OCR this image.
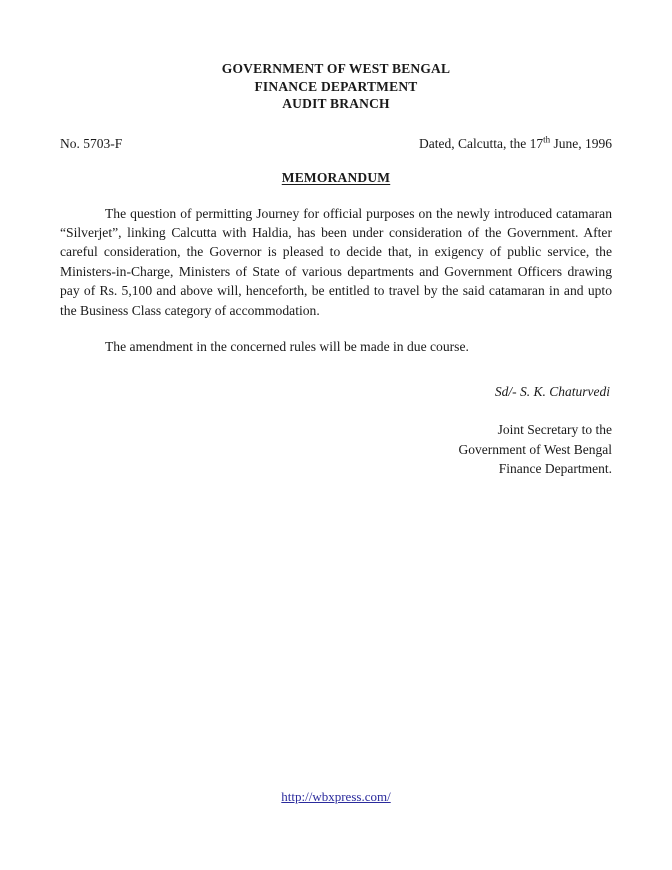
GOVERNMENT OF WEST BENGAL
FINANCE DEPARTMENT
AUDIT BRANCH
No. 5703-F	Dated, Calcutta, the 17th June, 1996
MEMORANDUM
The question of permitting Journey for official purposes on the newly introduced catamaran “Silverjet”, linking Calcutta with Haldia, has been under consideration of the Government. After careful consideration, the Governor is pleased to decide that, in exigency of public service, the Ministers-in-Charge, Ministers of State of various departments and Government Officers drawing pay of Rs. 5,100 and above will, henceforth, be entitled to travel by the said catamaran in and upto the Business Class category of accommodation.
The amendment in the concerned rules will be made in due course.
Sd/- S. K. Chaturvedi
Joint Secretary to the
Government of West Bengal
Finance Department.
http://wbxpress.com/
